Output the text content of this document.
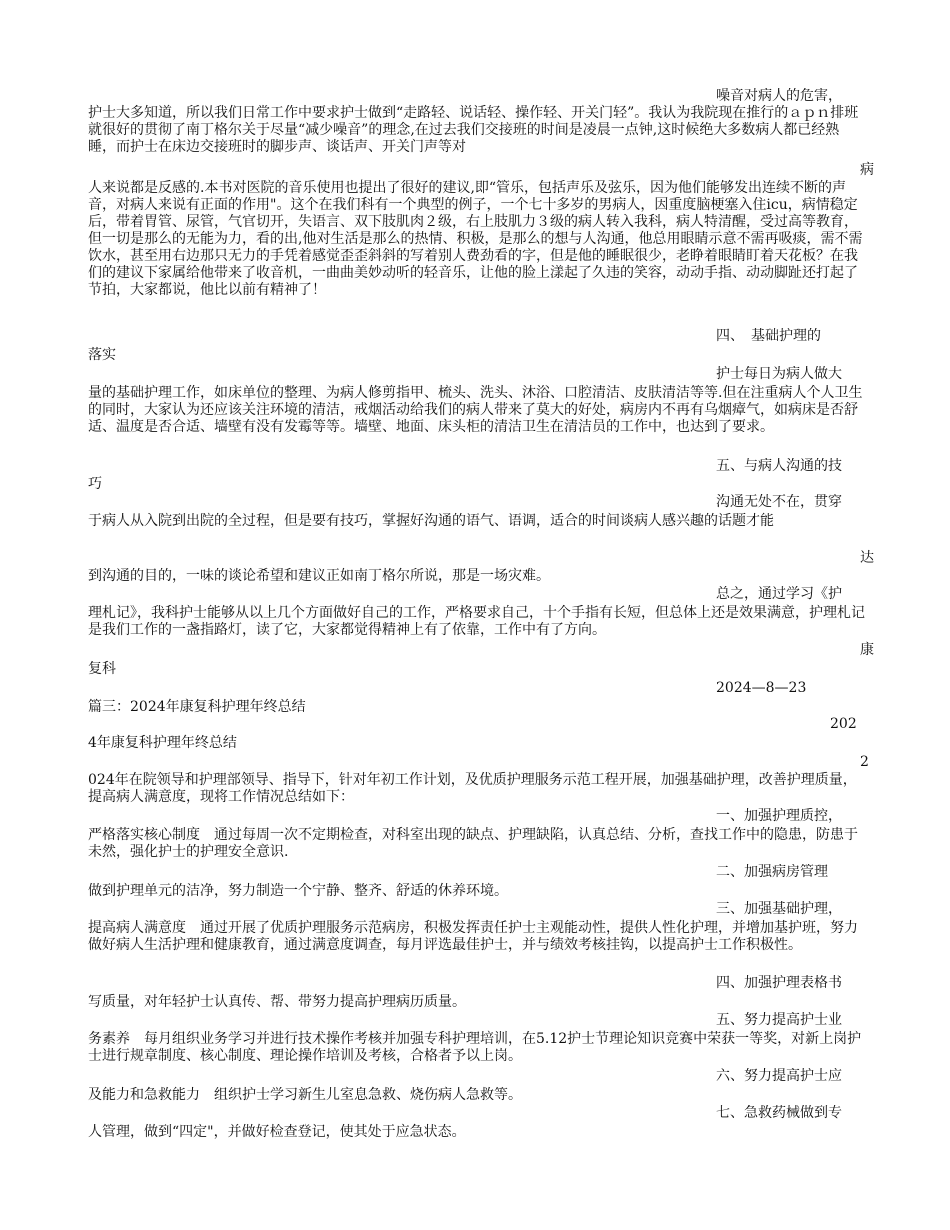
噪音对病人的危害，

护士大多知道，所以我们日常工作中要求护士做到“走路轻、说话轻、操作轻、开关门轻”。我认为我院现在推行的ａｐｎ排班就很好的贯彻了南丁格尔关于尽量“减少噪音”的理念,在过去我们交接班的时间是凌晨一点钟,这时候绝大多数病人都已经熟睡，而护士在床边交接班时的脚步声、谈话声、开关门声等对

病

人来说都是反感的.本书对医院的音乐使用也提出了很好的建议,即“管乐，包括声乐及弦乐，因为他们能够发出连续不断的声音，对病人来说有正面的作用"。这个在我们科有一个典型的例子，一个七十多岁的男病人，因重度脑梗塞入住icu，病情稳定后，带着胃管、尿管，气官切开，失语言、双下肢肌肉２级，右上肢肌力３级的病人转入我科，病人特清醒，受过高等教育，但一切是那么的无能为力，看的出,他对生活是那么的热情、积极，是那么的想与人沟通，他总用眼睛示意不需再吸痰，需不需饮水，甚至用右边那只无力的手凭着感觉歪歪斜斜的写着别人费劲看的字，但是他的睡眠很少，老睁着眼睛盯着天花板？在我们的建议下家属给他带来了收音机，一曲曲美妙动听的轻音乐，让他的脸上漾起了久违的笑容，动动手指、动动脚趾还打起了节拍，大家都说，他比以前有精神了！

四、　基础护理的

落实

护士每日为病人做大

量的基础护理工作，如床单位的整理、为病人修剪指甲、梳头、洗头、沐浴、口腔清洁、皮肤清洁等等.但在注重病人个人卫生的同时，大家认为还应该关注环境的清洁，戒烟活动给我们的病人带来了莫大的好处，病房内不再有乌烟瘴气，如病床是否舒适、温度是否合适、墙壁有没有发霉等等。墙壁、地面、床头柜的清洁卫生在清洁员的工作中，也达到了要求。

五、与病人沟通的技

巧

沟通无处不在，贯穿

于病人从入院到出院的全过程，但是要有技巧，掌握好沟通的语气、语调，适合的时间谈病人感兴趣的话题才能

达

到沟通的目的，一味的谈论希望和建议正如南丁格尔所说，那是一场灾难。

总之，通过学习《护

理札记》，我科护士能够从以上几个方面做好自己的工作，严格要求自己，十个手指有长短，但总体上还是效果满意，护理札记是我们工作的一盏指路灯，读了它，大家都觉得精神上有了依靠，工作中有了方向。

康

复科

2024—8—23

篇三：2024年康复科护理年终总结

202

4年康复科护理年终总结

2

024年在院领导和护理部领导、指导下，针对年初工作计划，及优质护理服务示范工程开展，加强基础护理，改善护理质量，提高病人满意度，现将工作情况总结如下：

一、加强护理质控，

严格落实核心制度　通过每周一次不定期检查，对科室出现的缺点、护理缺陷，认真总结、分析，查找工作中的隐患，防患于未然，强化护士的护理安全意识.

二、加强病房管理

做到护理单元的洁净，努力制造一个宁静、整齐、舒适的休养环境。

三、加强基础护理，

提高病人满意度　通过开展了优质护理服务示范病房，积极发挥责任护士主观能动性，提供人性化护理，并增加基护班，努力做好病人生活护理和健康教育，通过满意度调查，每月评选最佳护士，并与绩效考核挂钩，以提高护士工作积极性。

四、加强护理表格书

写质量，对年轻护士认真传、帮、带努力提高护理病历质量。

五、努力提高护士业

务素养　每月组织业务学习并进行技术操作考核并加强专科护理培训，在5.12护士节理论知识竞赛中荣获一等奖，对新上岗护士进行规章制度、核心制度、理论操作培训及考核，合格者予以上岗。

六、努力提高护士应

及能力和急救能力　组织护士学习新生儿室息急救、烧伤病人急救等。

七、急救药械做到专

人管理，做到“四定"，并做好检查登记，使其处于应急状态。
